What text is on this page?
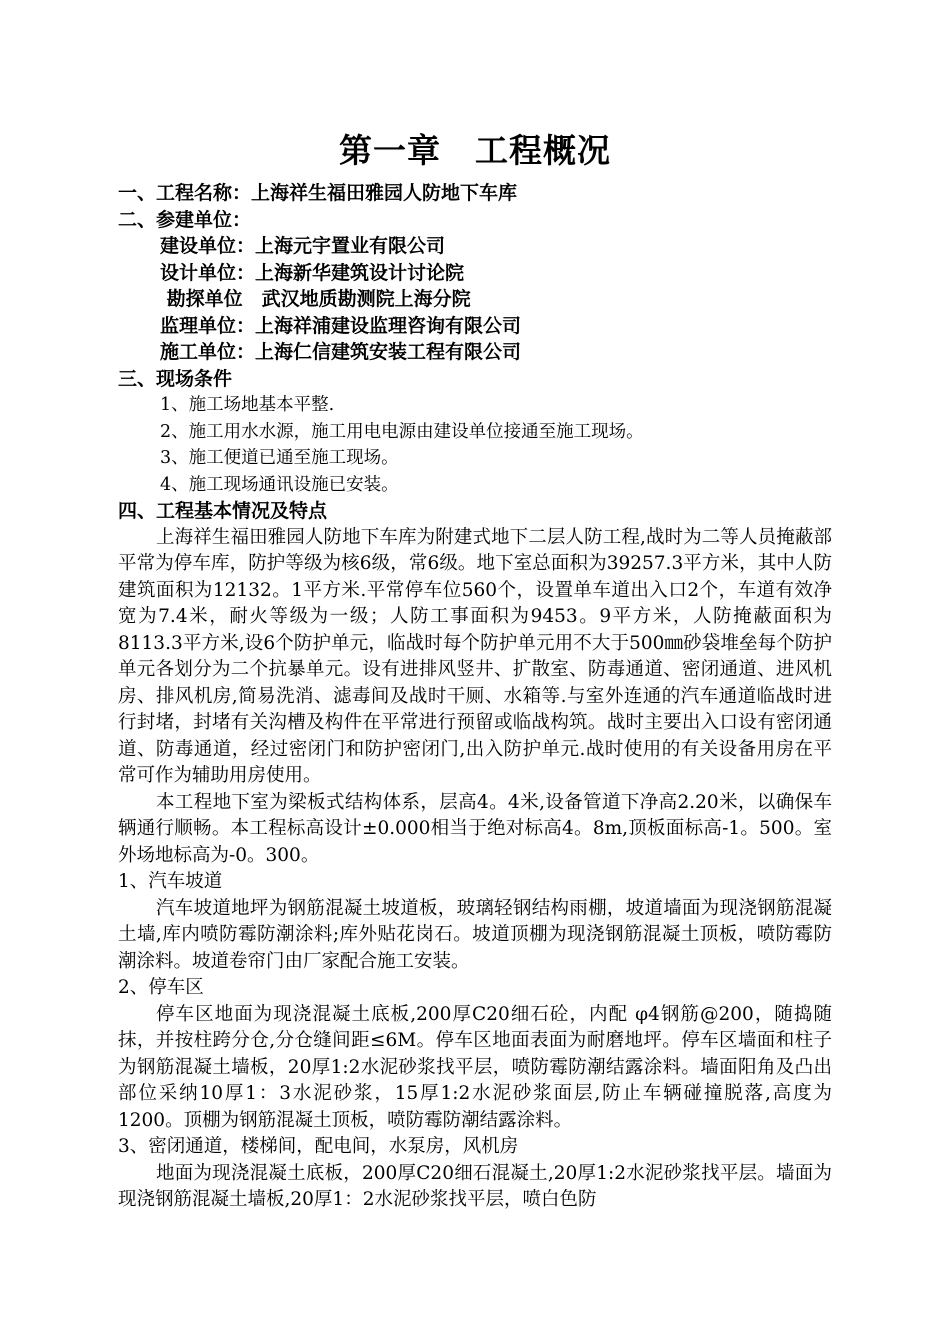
第一章　工程概况
一、工程名称：上海祥生福田雅园人防地下车库
二、参建单位：
建设单位：上海元宇置业有限公司
设计单位：上海新华建筑设计讨论院
勘探单位　武汉地质勘测院上海分院
监理单位：上海祥浦建设监理咨询有限公司
施工单位：上海仁信建筑安装工程有限公司
三、现场条件
1、施工场地基本平整.
2、施工用水水源，施工用电电源由建设单位接通至施工现场。
3、施工便道已通至施工现场。
4、施工现场通讯设施已安装。
四、工程基本情况及特点

上海祥生福田雅园人防地下车库为附建式地下二层人防工程,战时为二等人员掩蔽部平常为停车库，防护等级为核6级，常6级。地下室总面积为39257.3平方米，其中人防建筑面积为12132。1平方米.平常停车位560个，设置单车道出入口2个，车道有效净宽为7.4米，耐火等级为一级；人防工事面积为9453。9平方米，人防掩蔽面积为8113.3平方米,设6个防护单元，临战时每个防护单元用不大于500㎜砂袋堆垒每个防护单元各划分为二个抗暴单元。设有进排风竖井、扩散室、防毒通道、密闭通道、进风机房、排风机房,简易洗消、滤毒间及战时干厕、水箱等.与室外连通的汽车通道临战时进行封堵，封堵有关沟槽及构件在平常进行预留或临战构筑。战时主要出入口设有密闭通道、防毒通道，经过密闭门和防护密闭门,出入防护单元.战时使用的有关设备用房在平常可作为辅助用房使用。

本工程地下室为梁板式结构体系，层高4。4米,设备管道下净高2.20米，以确保车辆通行顺畅。本工程标高设计±0.000相当于绝对标高4。8m,顶板面标高-1。500。室外场地标高为-0。300。

1、汽车坡道

汽车坡道地坪为钢筋混凝土坡道板，玻璃轻钢结构雨棚，坡道墙面为现浇钢筋混凝土墙,库内喷防霉防潮涂料;库外贴花岗石。坡道顶棚为现浇钢筋混凝土顶板，喷防霉防潮涂料。坡道卷帘门由厂家配合施工安装。

2、停车区

停车区地面为现浇混凝土底板,200厚C20细石砼，内配 φ4钢筋@200，随捣随抹，并按柱跨分仓,分仓缝间距≤6M。停车区地面表面为耐磨地坪。停车区墙面和柱子为钢筋混凝土墙板，20厚1:2水泥砂浆找平层，喷防霉防潮结露涂料。墙面阳角及凸出部位采纳10厚1：3水泥砂浆，15厚1:2水泥砂浆面层,防止车辆碰撞脱落,高度为1200。顶棚为钢筋混凝土顶板，喷防霉防潮结露涂料。

3、密闭通道，楼梯间，配电间，水泵房，风机房

地面为现浇混凝土底板，200厚C20细石混凝土,20厚1:2水泥砂浆找平层。墙面为现浇钢筋混凝土墙板,20厚1：2水泥砂浆找平层，喷白色防
